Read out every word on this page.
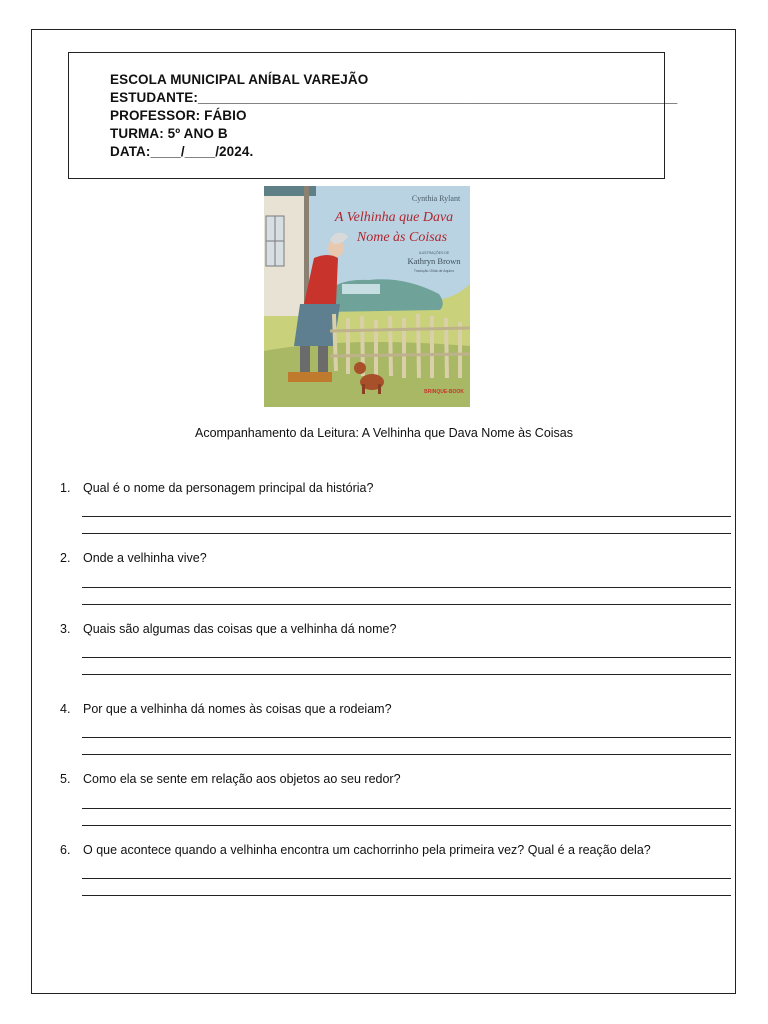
ESCOLA MUNICIPAL ANÍBAL VAREJÃO
ESTUDANTE:_______________________________________________________________
PROFESSOR: FÁBIO
TURMA: 5º ANO B
DATA:____/____/2024.
Cynthia Rylant
A Velhinha que Dava
Nome às Coisas
ILUSTRAÇÕES DE
Kathryn Brown
Tradução Gilda de Aquino
BRINQUE-BOOK
Acompanhamento da Leitura: A Velhinha que Dava Nome às Coisas
1. Qual é o nome da personagem principal da história?
2. Onde a velhinha vive?
3. Quais são algumas das coisas que a velhinha dá nome?
4. Por que a velhinha dá nomes às coisas que a rodeiam?
5. Como ela se sente em relação aos objetos ao seu redor?
6. O que acontece quando a velhinha encontra um cachorrinho pela primeira vez? Qual é a reação dela?
